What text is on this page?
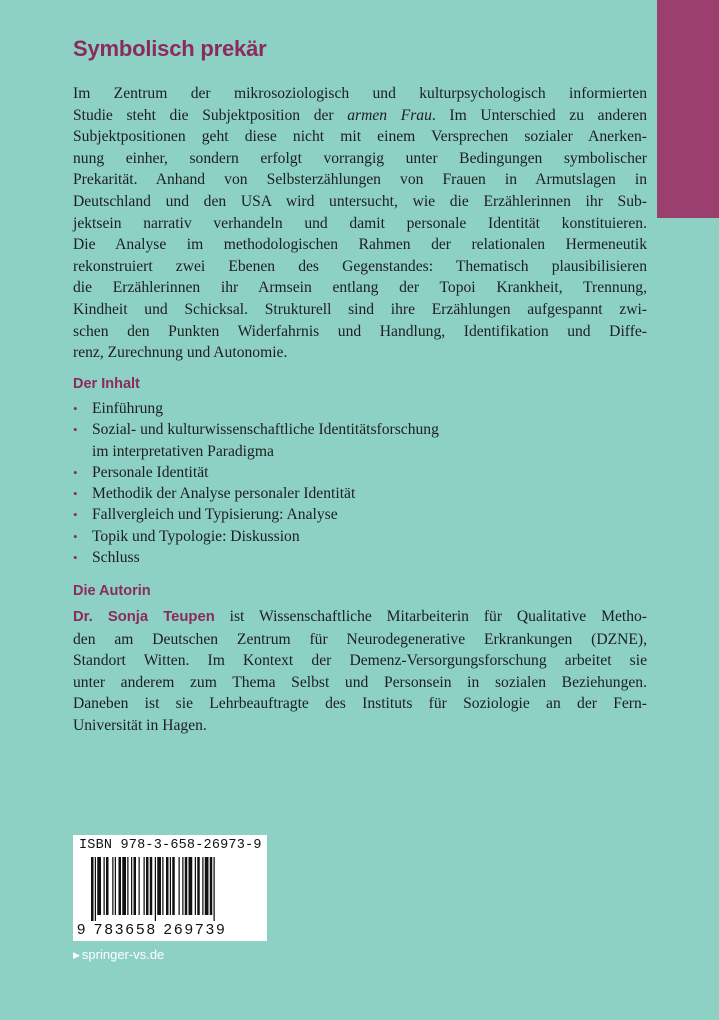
Symbolisch prekär
Im Zentrum der mikrosoziologisch und kulturpsychologisch informierten
Studie steht die Subjektposition der armen Frau. Im Unterschied zu anderen
Subjektpositionen geht diese nicht mit einem Versprechen sozialer Anerken-
nung einher, sondern erfolgt vorrangig unter Bedingungen symbolischer
Prekarität. Anhand von Selbsterzählungen von Frauen in Armutslagen in
Deutschland und den USA wird untersucht, wie die Erzählerinnen ihr Sub-
jektsein narrativ verhandeln und damit personale Identität konstituieren.
Die Analyse im methodologischen Rahmen der relationalen Hermeneutik
rekonstruiert zwei Ebenen des Gegenstandes: Thematisch plausibilisieren
die Erzählerinnen ihr Armsein entlang der Topoi Krankheit, Trennung,
Kindheit und Schicksal. Strukturell sind ihre Erzählungen aufgespannt zwi-
schen den Punkten Widerfahrnis und Handlung, Identifikation und Diffe-
renz, Zurechnung und Autonomie.
Der Inhalt
• Einführung
• Sozial- und kulturwissenschaftliche Identitätsforschung
im interpretativen Paradigma
• Personale Identität
• Methodik der Analyse personaler Identität
• Fallvergleich und Typisierung: Analyse
• Topik und Typologie: Diskussion
• Schluss
Die Autorin
Dr. Sonja Teupen ist Wissenschaftliche Mitarbeiterin für Qualitative Metho-
den am Deutschen Zentrum für Neurodegenerative Erkrankungen (DZNE),
Standort Witten. Im Kontext der Demenz-Versorgungsforschung arbeitet sie
unter anderem zum Thema Selbst und Personsein in sozialen Beziehungen.
Daneben ist sie Lehrbeauftragte des Instituts für Soziologie an der Fern-
Universität in Hagen.
ISBN 978-3-658-26973-9
9 783658 269739
▶ springer-vs.de
